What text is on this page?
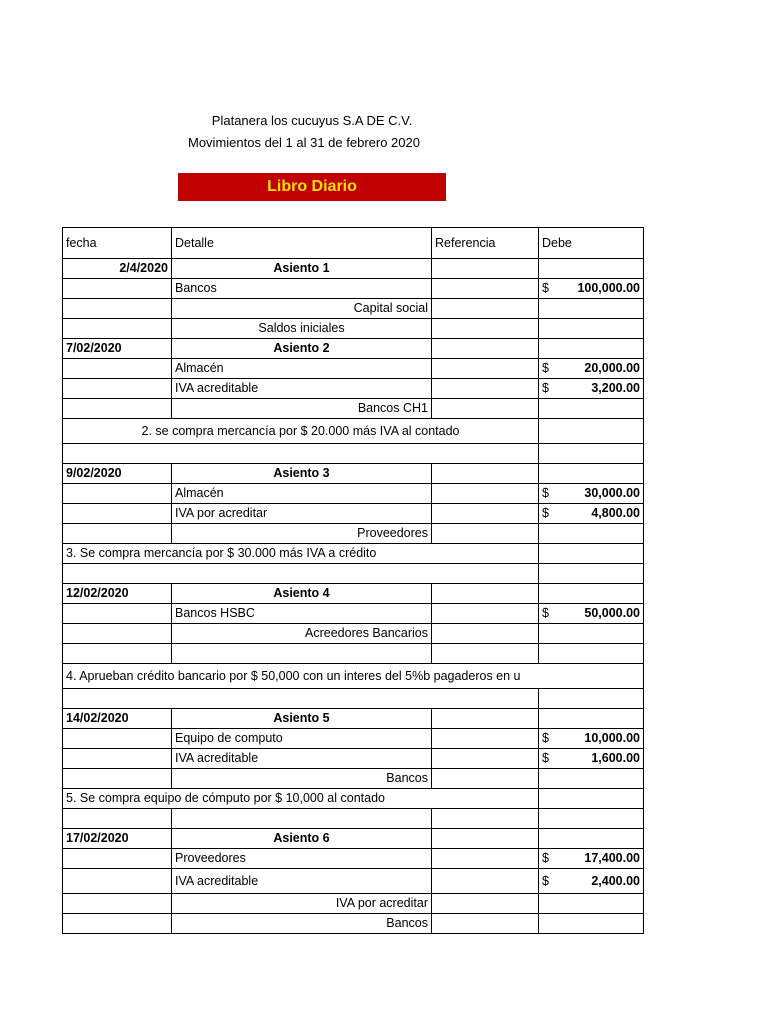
Platanera los cucuyus S.A DE C.V.
Movimientos del 1 al 31 de febrero 2020
Libro Diario
fecha	Detalle	Referencia	Debe
2/4/2020	Asiento 1		
	Bancos		$ 100,000.00

	Capital social		
	Saldos iniciales		
7/02/2020	Asiento 2		
	Almacén		$ 20,000.00

	IVA acreditable		$ 3,200.00

	Bancos CH1		
2. se compra mercancía por $ 20.000 más IVA al contado			

9/02/2020	Asiento 3		
	Almacén		$ 30,000.00

	IVA por acreditar		$ 4,800.00

	Proveedores		
3. Se compra mercancía por $ 30.000 más IVA a crédito			

12/02/2020	Asiento 4		
	Bancos HSBC		$ 50,000.00

	Acreedores Bancarios		

4. Aprueban crédito bancario por $ 50,000 con un interes del 5%b pagaderos en u			

14/02/2020	Asiento 5		
	Equipo de computo		$ 10,000.00

	IVA acreditable		$ 1,600.00

	Bancos		
5. Se compra equipo de cómputo por $ 10,000 al contado			

17/02/2020	Asiento 6		
	Proveedores		$ 17,400.00

	IVA acreditable		$ 2,400.00

	IVA por acreditar		
	Bancos		
